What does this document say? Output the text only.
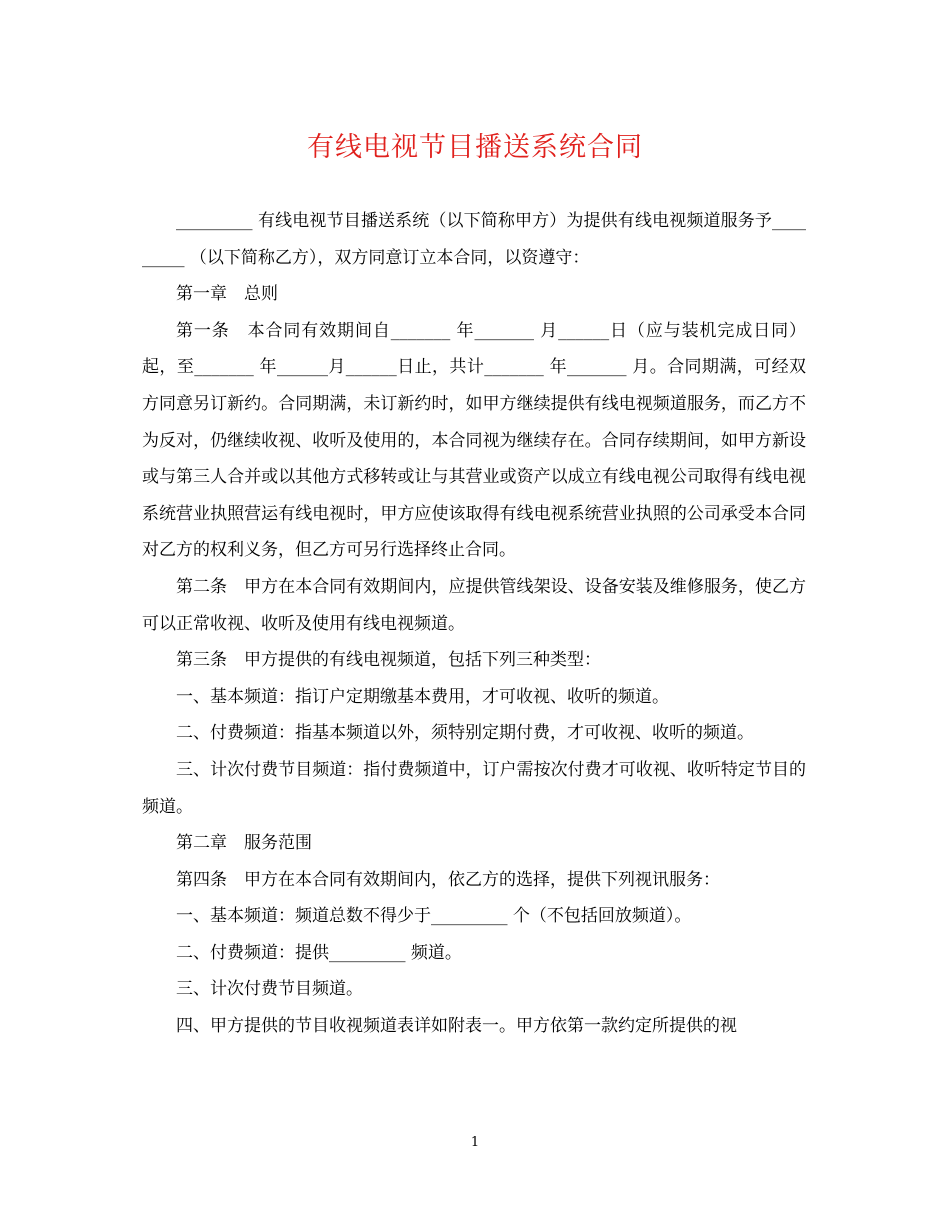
有线电视节目播送系统合同

_________ 有线电视节目播送系统（以下简称甲方）为提供有线电视频道服务予_________ （以下简称乙方），双方同意订立本合同，以资遵守：

第一章　总则

第一条　本合同有效期间自_______ 年_______ 月______日（应与装机完成日同）起，至_______ 年______月______日止，共计_______ 年_______ 月。合同期满，可经双方同意另订新约。合同期满，未订新约时，如甲方继续提供有线电视频道服务，而乙方不为反对，仍继续收视、收听及使用的，本合同视为继续存在。合同存续期间，如甲方新设或与第三人合并或以其他方式移转或让与其营业或资产以成立有线电视公司取得有线电视系统营业执照营运有线电视时，甲方应使该取得有线电视系统营业执照的公司承受本合同对乙方的权利义务，但乙方可另行选择终止合同。

第二条　甲方在本合同有效期间内，应提供管线架设、设备安装及维修服务，使乙方可以正常收视、收听及使用有线电视频道。

第三条　甲方提供的有线电视频道，包括下列三种类型：

一、基本频道：指订户定期缴基本费用，才可收视、收听的频道。

二、付费频道：指基本频道以外，须特别定期付费，才可收视、收听的频道。

三、计次付费节目频道：指付费频道中，订户需按次付费才可收视、收听特定节目的频道。

第二章　服务范围

第四条　甲方在本合同有效期间内，依乙方的选择，提供下列视讯服务：

一、基本频道：频道总数不得少于_________ 个（不包括回放频道）。

二、付费频道：提供_________ 频道。

三、计次付费节目频道。

四、甲方提供的节目收视频道表详如附表一。甲方依第一款约定所提供的视

1
